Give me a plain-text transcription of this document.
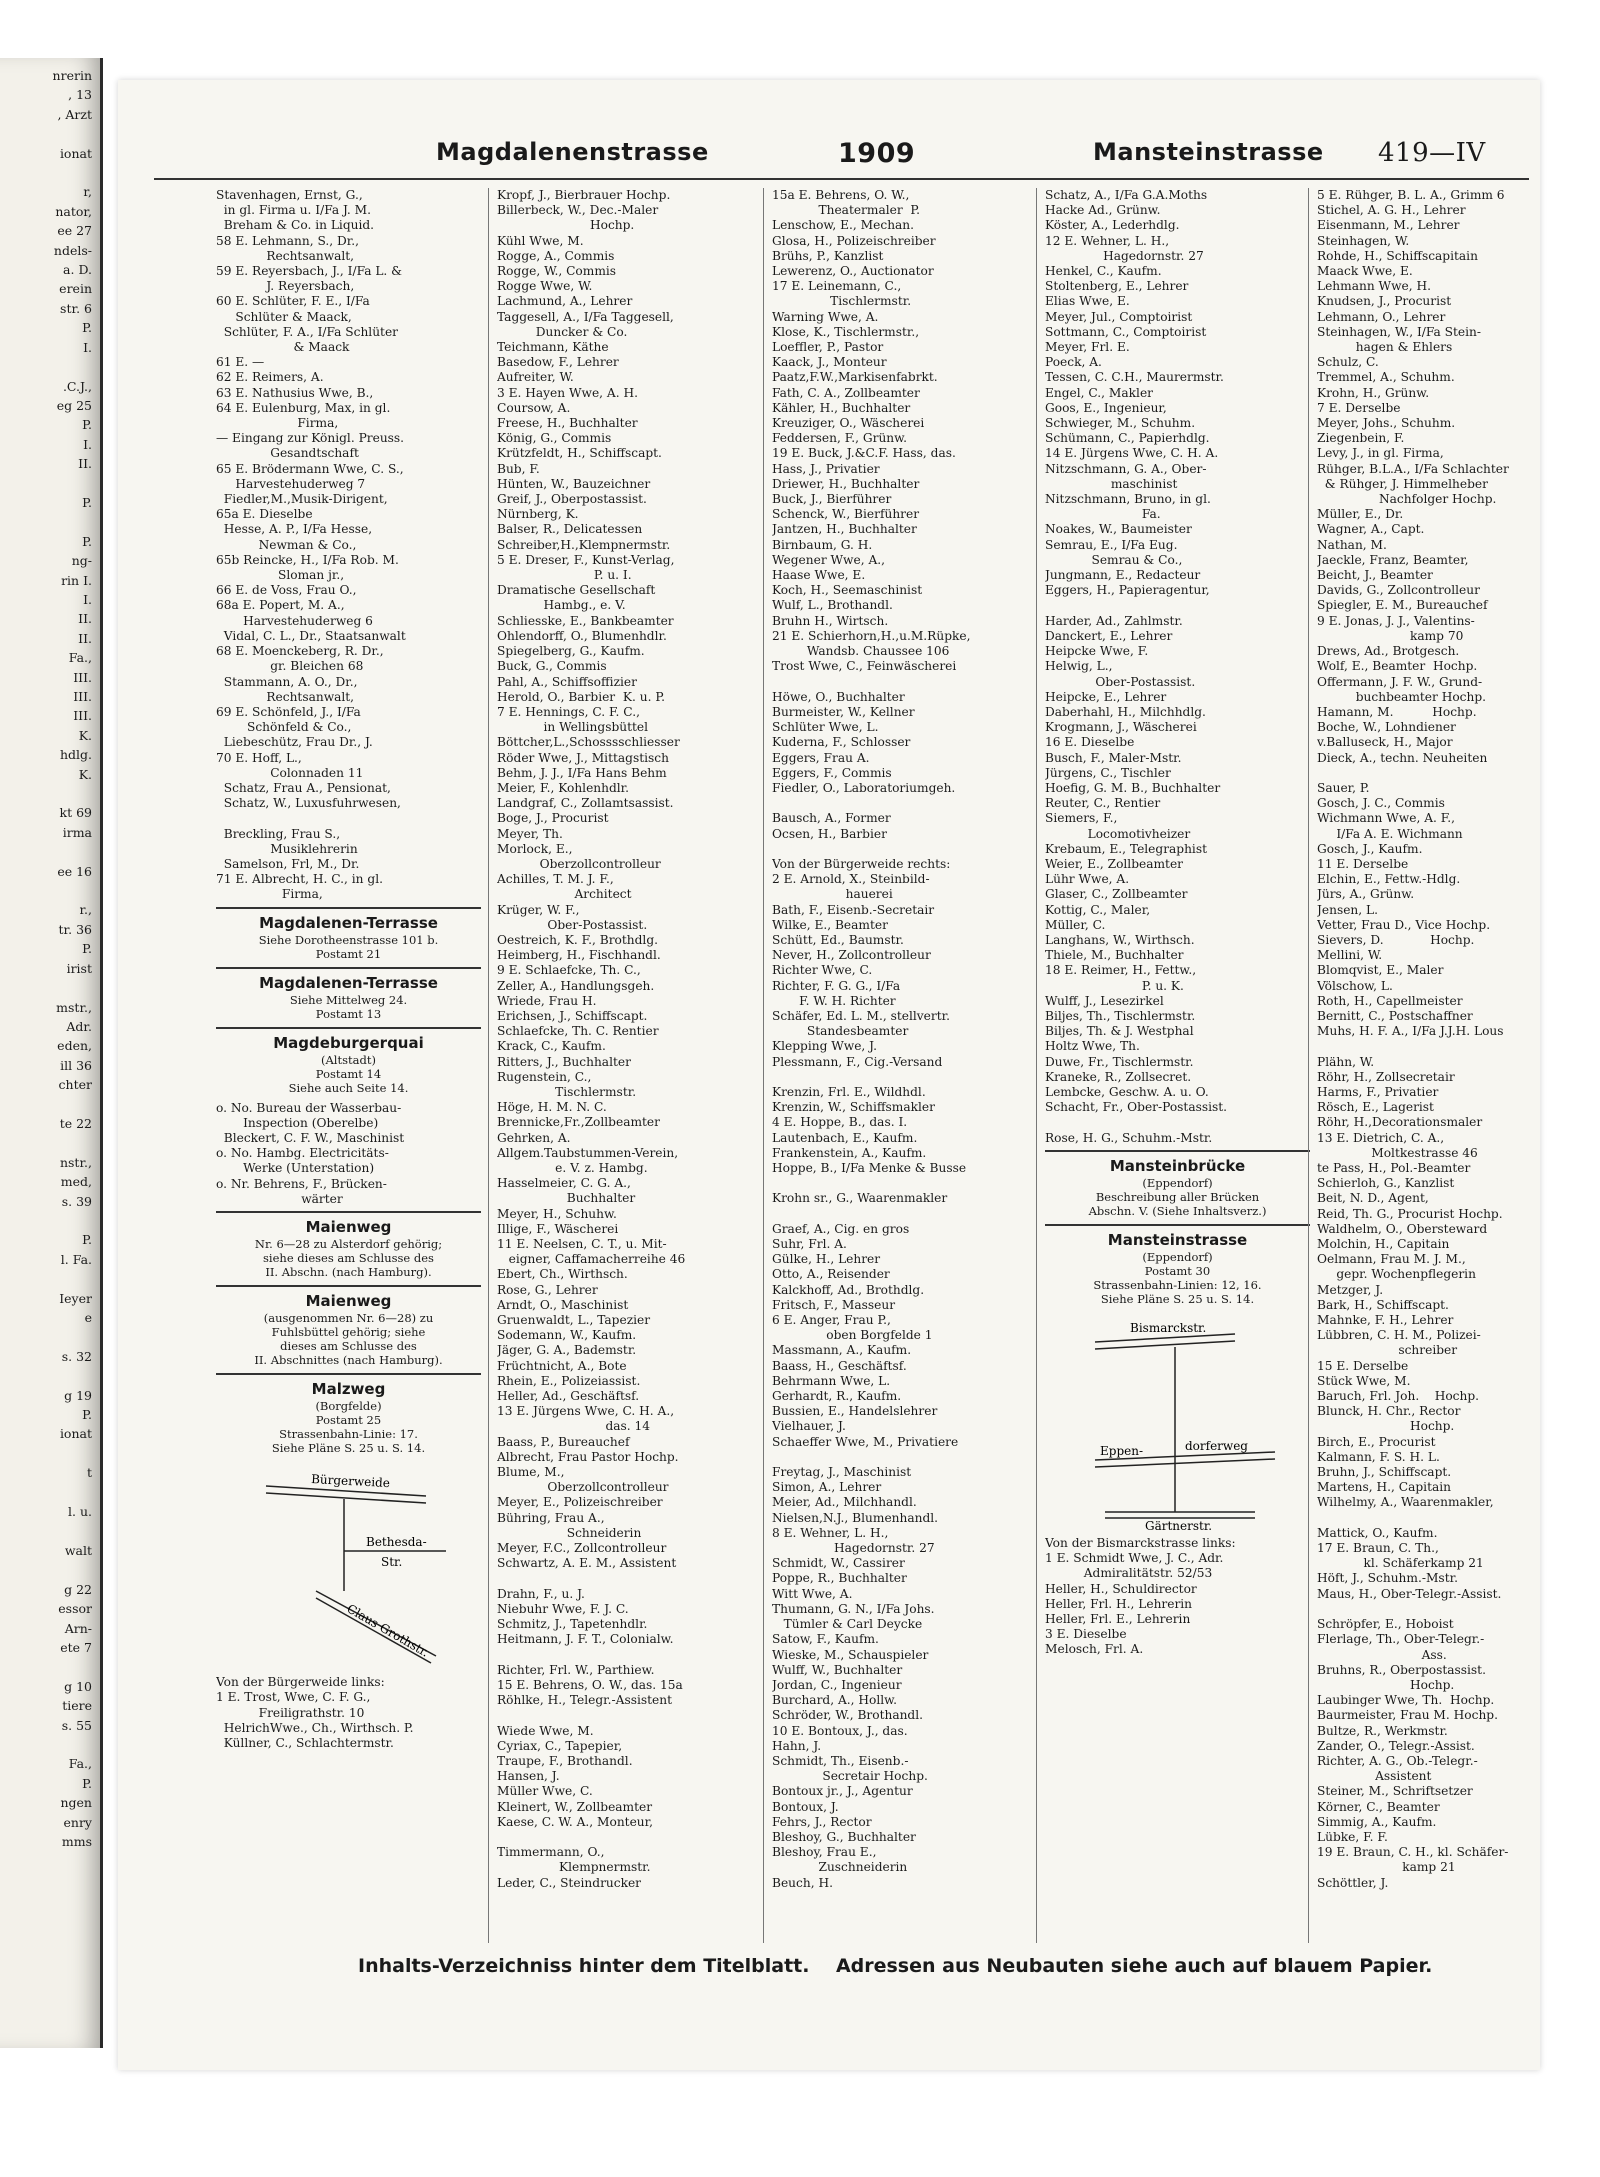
nrerin
, 13
, Arzt

ionat

r,
nator,
ee 27
ndels-
a. D.
erein
str. 6
P.
I.

.C.J.,
eg 25
P.
I.
II.

P.

P.
ng-
rin I.
I.
II.
II.
Fa.,
III.
III.
III.
K.
hdlg.
K.

kt 69
irma

ee 16

r.,
tr. 36
P.
irist

mstr.,
Adr.
eden,
ill 36
chter

te 22

nstr.,
med,
s. 39

P.
l. Fa.

Ieyer
e

s. 32

g 19
P.
ionat

t

l. u.

walt

g 22
essor
Arn-
ete 7

g 10
tiere
s. 55

Fa.,
P.
ngen
enry
mms
Magdalenenstrasse	1909	Mansteinstrasse 419—IV
Stavenhagen, Ernst, G.,
in gl. Firma u. I/Fa J. M.
Breham & Co. in Liquid.
58 E. Lehmann, S., Dr.,
Rechtsanwalt,
59 E. Reyersbach, J., I/Fa L. &
J. Reyersbach,
60 E. Schlüter, F. E., I/Fa
Schlüter & Maack,
Schlüter, F. A., I/Fa Schlüter
& Maack
61 E. —
62 E. Reimers, A.
63 E. Nathusius Wwe, B.,
64 E. Eulenburg, Max, in gl.
Firma,
— Eingang zur Königl. Preuss.
Gesandtschaft
65 E. Brödermann Wwe, C. S.,
Harvestehuderweg 7
Fiedler,M.,Musik-Dirigent,
65a E. Dieselbe
Hesse, A. P., I/Fa Hesse,
Newman & Co.,
65b Reincke, H., I/Fa Rob. M.
Sloman jr.,
66 E. de Voss, Frau O.,
68a E. Popert, M. A.,
Harvestehuderweg 6
Vidal, C. L., Dr., Staatsanwalt
68 E. Moenckeberg, R. Dr.,
gr. Bleichen 68
Stammann, A. O., Dr.,
Rechtsanwalt,
69 E. Schönfeld, J., I/Fa
Schönfeld & Co.,
Liebeschütz, Frau Dr., J.
70 E. Hoff, L.,
Colonnaden 11
Schatz, Frau A., Pensionat,
Schatz, W., Luxusfuhrwesen,

Breckling, Frau S.,
Musiklehrerin
Samelson, Frl, M., Dr.
71 E. Albrecht, H. C., in gl.
Firma,
Magdalenen-Terrasse
Siehe Dorotheenstrasse 101 b.
Postamt 21
Magdalenen-Terrasse
Siehe Mittelweg 24.
Postamt 13
Magdeburgerquai
(Altstadt)
Postamt 14
Siehe auch Seite 14.
o. No. Bureau der Wasserbau-
Inspection (Oberelbe)
Bleckert, C. F. W., Maschinist
o. No. Hambg. Electricitäts-
Werke (Unterstation)
o. Nr. Behrens, F., Brücken-
wärter
Maienweg
Nr. 6—28 zu Alsterdorf gehörig;
siehe dieses am Schlusse des
II. Abschn. (nach Hamburg).
Maienweg
(ausgenommen Nr. 6—28) zu
Fuhlsbüttel gehörig; siehe
dieses am Schlusse des
II. Abschnittes (nach Hamburg).
Malzweg
(Borgfelde)
Postamt 25
Strassenbahn-Linie: 17.
Siehe Pläne S. 25 u. S. 14.
Bürgerweide
Bethesda-
Str.
Claus Grothstr.
Von der Bürgerweide links:
1 E. Trost, Wwe, C. F. G.,
Freiligrathstr. 10
HelrichWwe., Ch., Wirthsch. P.
Küllner, C., Schlachtermstr.
Kropf, J., Bierbrauer Hochp.
Billerbeck, W., Dec.-Maler
Hochp.
Kühl Wwe, M.
Rogge, A., Commis
Rogge, W., Commis
Rogge Wwe, W.
Lachmund, A., Lehrer
Taggesell, A., I/Fa Taggesell,
Duncker & Co.
Teichmann, Käthe
Basedow, F., Lehrer
Aufreiter, W.
3 E. Hayen Wwe, A. H.
Coursow, A.
Freese, H., Buchhalter
König, G., Commis
Krützfeldt, H., Schiffscapt.
Bub, F.
Hünten, W., Bauzeichner
Greif, J., Oberpostassist.
Nürnberg, K.
Balser, R., Delicatessen
Schreiber,H.,Klempnermstr.
5 E. Dreser, F., Kunst-Verlag,
P. u. I.
Dramatische Gesellschaft
Hambg., e. V.
Schliesske, E., Bankbeamter
Ohlendorff, O., Blumenhdlr.
Spiegelberg, G., Kaufm.
Buck, G., Commis
Pahl, A., Schiffsoffizier
Herold, O., Barbier  K. u. P.
7 E. Hennings, C. F. C.,
in Wellingsbüttel
Böttcher,L.,Schosssschliesser
Röder Wwe, J., Mittagstisch
Behm, J. J., I/Fa Hans Behm
Meier, F., Kohlenhdlr.
Landgraf, C., Zollamtsassist.
Boge, J., Procurist
Meyer, Th.
Morlock, E.,
Oberzollcontrolleur
Achilles, T. M. J. F.,
Architect
Krüger, W. F.,
Ober-Postassist.
Oestreich, K. F., Brothdlg.
Heimberg, H., Fischhandl.
9 E. Schlaefcke, Th. C.,
Zeller, A., Handlungsgeh.
Wriede, Frau H.
Erichsen, J., Schiffscapt.
Schlaefcke, Th. C. Rentier
Krack, C., Kaufm.
Ritters, J., Buchhalter
Rugenstein, C.,
Tischlermstr.
Höge, H. M. N. C.
Brennicke,Fr.,Zollbeamter
Gehrken, A.
Allgem.Taubstummen-Verein,
e. V. z. Hambg.
Hasselmeier, C. G. A.,
Buchhalter
Meyer, H., Schuhw.
Illige, F., Wäscherei
11 E. Neelsen, C. T., u. Mit-
eigner, Caffamacherreihe 46
Ebert, Ch., Wirthsch.
Rose, G., Lehrer
Arndt, O., Maschinist
Gruenwaldt, L., Tapezier
Sodemann, W., Kaufm.
Jäger, G. A., Bademstr.
Früchtnicht, A., Bote
Rhein, E., Polizeiassist.
Heller, Ad., Geschäftsf.
13 E. Jürgens Wwe, C. H. A.,
das. 14
Baass, P., Bureauchef
Albrecht, Frau Pastor Hochp.
Blume, M.,
Oberzollcontrolleur
Meyer, E., Polizeischreiber
Bühring, Frau A.,
Schneiderin
Meyer, F.C., Zollcontrolleur
Schwartz, A. E. M., Assistent

Drahn, F., u. J.
Niebuhr Wwe, F. J. C.
Schmitz, J., Tapetenhdlr.
Heitmann, J. F. T., Colonialw.

Richter, Frl. W., Parthiew.
15 E. Behrens, O. W., das. 15a
Röhlke, H., Telegr.-Assistent

Wiede Wwe, M.
Cyriax, C., Tapepier,
Traupe, F., Brothandl.
Hansen, J.
Müller Wwe, C.
Kleinert, W., Zollbeamter
Kaese, C. W. A., Monteur,

Timmermann, O.,
Klempnermstr.
Leder, C., Steindrucker
15a E. Behrens, O. W.,
Theatermaler  P.
Lenschow, E., Mechan.
Glosa, H., Polizeischreiber
Brühs, P., Kanzlist
Lewerenz, O., Auctionator
17 E. Leinemann, C.,
Tischlermstr.
Warning Wwe, A.
Klose, K., Tischlermstr.,
Loeffler, P., Pastor
Kaack, J., Monteur
Paatz,F.W.,Markisenfabrkt.
Fath, C. A., Zollbeamter
Kähler, H., Buchhalter
Kreuziger, O., Wäscherei
Feddersen, F., Grünw.
19 E. Buck, J.&C.F. Hass, das.
Hass, J., Privatier
Driewer, H., Buchhalter
Buck, J., Bierführer
Schenck, W., Bierführer
Jantzen, H., Buchhalter
Birnbaum, G. H.
Wegener Wwe, A.,
Haase Wwe, E.
Koch, H., Seemaschinist
Wulf, L., Brothandl.
Bruhn H., Wirtsch.
21 E. Schierhorn,H.,u.M.Rüpke,
Wandsb. Chaussee 106
Trost Wwe, C., Feinwäscherei

Höwe, O., Buchhalter
Burmeister, W., Kellner
Schlüter Wwe, L.
Kuderna, F., Schlosser
Eggers, Frau A.
Eggers, F., Commis
Fiedler, O., Laboratoriumgeh.

Bausch, A., Former
Ocsen, H., Barbier

Von der Bürgerweide rechts:
2 E. Arnold, X., Steinbild-
hauerei
Bath, F., Eisenb.-Secretair
Wilke, E., Beamter
Schütt, Ed., Baumstr.
Never, H., Zollcontrolleur
Richter Wwe, C.
Richter, F. G. G., I/Fa
F. W. H. Richter
Schäfer, Ed. L. M., stellvertr.
Standesbeamter
Klepping Wwe, J.
Plessmann, F., Cig.-Versand

Krenzin, Frl. E., Wildhdl.
Krenzin, W., Schiffsmakler
4 E. Hoppe, B., das. I.
Lautenbach, E., Kaufm.
Frankenstein, A., Kaufm.
Hoppe, B., I/Fa Menke & Busse

Krohn sr., G., Waarenmakler

Graef, A., Cig. en gros
Suhr, Frl. A.
Gülke, H., Lehrer
Otto, A., Reisender
Kalckhoff, Ad., Brothdlg.
Fritsch, F., Masseur
6 E. Anger, Frau P.,
oben Borgfelde 1
Massmann, A., Kaufm.
Baass, H., Geschäftsf.
Behrmann Wwe, L.
Gerhardt, R., Kaufm.
Bussien, E., Handelslehrer
Vielhauer, J.
Schaeffer Wwe, M., Privatiere

Freytag, J., Maschinist
Simon, A., Lehrer
Meier, Ad., Milchhandl.
Nielsen,N.J., Blumenhandl.
8 E. Wehner, L. H.,
Hagedornstr. 27
Schmidt, W., Cassirer
Poppe, R., Buchhalter
Witt Wwe, A.
Thumann, G. N., I/Fa Johs.
Tümler & Carl Deycke
Satow, F., Kaufm.
Wieske, M., Schauspieler
Wulff, W., Buchhalter
Jordan, C., Ingenieur
Burchard, A., Hollw.
Schröder, W., Brothandl.
10 E. Bontoux, J., das.
Hahn, J.
Schmidt, Th., Eisenb.-
Secretair Hochp.
Bontoux jr., J., Agentur
Bontoux, J.
Fehrs, J., Rector
Bleshoy, G., Buchhalter
Bleshoy, Frau E.,
Zuschneiderin
Beuch, H.
Schatz, A., I/Fa G.A.Moths
Hacke Ad., Grünw.
Köster, A., Lederhdlg.
12 E. Wehner, L. H.,
Hagedornstr. 27
Henkel, C., Kaufm.
Stoltenberg, E., Lehrer
Elias Wwe, E.
Meyer, Jul., Comptoirist
Sottmann, C., Comptoirist
Meyer, Frl. E.
Poeck, A.
Tessen, C. C.H., Maurermstr.
Engel, C., Makler
Goos, E., Ingenieur,
Schwieger, M., Schuhm.
Schümann, C., Papierhdlg.
14 E. Jürgens Wwe, C. H. A.
Nitzschmann, G. A., Ober-
maschinist
Nitzschmann, Bruno, in gl.
Fa.
Noakes, W., Baumeister
Semrau, E., I/Fa Eug.
Semrau & Co.,
Jungmann, E., Redacteur
Eggers, H., Papieragentur,

Harder, Ad., Zahlmstr.
Danckert, E., Lehrer
Heipcke Wwe, F.
Helwig, L.,
Ober-Postassist.
Heipcke, E., Lehrer
Daberhahl, H., Milchhdlg.
Krogmann, J., Wäscherei
16 E. Dieselbe
Busch, F., Maler-Mstr.
Jürgens, C., Tischler
Hoefig, G. M. B., Buchhalter
Reuter, C., Rentier
Siemers, F.,
Locomotivheizer
Krebaum, E., Telegraphist
Weier, E., Zollbeamter
Lühr Wwe, A.
Glaser, C., Zollbeamter
Kottig, C., Maler,
Müller, C.
Langhans, W., Wirthsch.
Thiele, M., Buchhalter
18 E. Reimer, H., Fettw.,
P. u. K.
Wulff, J., Lesezirkel
Biljes, Th., Tischlermstr.
Biljes, Th. & J. Westphal
Holtz Wwe, Th.
Duwe, Fr., Tischlermstr.
Kraneke, R., Zollsecret.
Lembcke, Geschw. A. u. O.
Schacht, Fr., Ober-Postassist.

Rose, H. G., Schuhm.-Mstr.
Mansteinbrücke
(Eppendorf)
Beschreibung aller Brücken
Abschn. V. (Siehe Inhaltsverz.)
Mansteinstrasse
(Eppendorf)
Postamt 30
Strassenbahn-Linien: 12, 16.
Siehe Pläne S. 25 u. S. 14.
Bismarckstr.
Eppen-	dorferweg
Gärtnerstr.
Von der Bismarckstrasse links:
1 E. Schmidt Wwe, J. C., Adr.
Admiralitätstr. 52/53
Heller, H., Schuldirector
Heller, Frl. H., Lehrerin
Heller, Frl. E., Lehrerin
3 E. Dieselbe
Melosch, Frl. A.
5 E. Rühger, B. L. A., Grimm 6
Stichel, A. G. H., Lehrer
Eisenmann, M., Lehrer
Steinhagen, W.
Rohde, H., Schiffscapitain
Maack Wwe, E.
Lehmann Wwe, H.
Knudsen, J., Procurist
Lehmann, O., Lehrer
Steinhagen, W., I/Fa Stein-
hagen & Ehlers
Schulz, C.
Tremmel, A., Schuhm.
Krohn, H., Grünw.
7 E. Derselbe
Meyer, Johs., Schuhm.
Ziegenbein, F.
Levy, J., in gl. Firma,
Rühger, B.L.A., I/Fa Schlachter
& Rühger, J. Himmelheber
Nachfolger Hochp.
Müller, E., Dr.
Wagner, A., Capt.
Nathan, M.
Jaeckle, Franz, Beamter,
Beicht, J., Beamter
Davids, G., Zollcontrolleur
Spiegler, E. M., Bureauchef
9 E. Jonas, J. J., Valentins-
kamp 70
Drews, Ad., Brotgesch.
Wolf, E., Beamter  Hochp.
Offermann, J. F. W., Grund-
buchbeamter Hochp.
Hamann, M.          Hochp.
Boche, W., Lohndiener
v.Balluseck, H., Major
Dieck, A., techn. Neuheiten

Sauer, P.
Gosch, J. C., Commis
Wichmann Wwe, A. F.,
I/Fa A. E. Wichmann
Gosch, J., Kaufm.
11 E. Derselbe
Elchin, E., Fettw.-Hdlg.
Jürs, A., Grünw.
Jensen, L.
Vetter, Frau D., Vice Hochp.
Sievers, D.            Hochp.
Mellini, W.
Blomqvist, E., Maler
Völschow, L.
Roth, H., Capellmeister
Bernitt, C., Postschaffner
Muhs, H. F. A., I/Fa J.J.H. Lous

Plähn, W.
Röhr, H., Zollsecretair
Harms, F., Privatier
Rösch, E., Lagerist
Röhr, H.,Decorationsmaler
13 E. Dietrich, C. A.,
Moltkestrasse 46
te Pass, H., Pol.-Beamter
Schierloh, G., Kanzlist
Beit, N. D., Agent,
Reid, Th. G., Procurist Hochp.
Waldhelm, O., Obersteward
Molchin, H., Capitain
Oelmann, Frau M. J. M.,
gepr. Wochenpflegerin
Metzger, J.
Bark, H., Schiffscapt.
Mahnke, F. H., Lehrer
Lübbren, C. H. M., Polizei-
schreiber
15 E. Derselbe
Stück Wwe, M.
Baruch, Frl. Joh.    Hochp.
Blunck, H. Chr., Rector
Hochp.
Birch, E., Procurist
Kalmann, F. S. H. L.
Bruhn, J., Schiffscapt.
Martens, H., Capitain
Wilhelmy, A., Waarenmakler,

Mattick, O., Kaufm.
17 E. Braun, C. Th.,
kl. Schäferkamp 21
Höft, J., Schuhm.-Mstr.
Maus, H., Ober-Telegr.-Assist.

Schröpfer, E., Hoboist
Flerlage, Th., Ober-Telegr.-
Ass.
Bruhns, R., Oberpostassist.
Hochp.
Laubinger Wwe, Th.  Hochp.
Baurmeister, Frau M. Hochp.
Bultze, R., Werkmstr.
Zander, O., Telegr.-Assist.
Richter, A. G., Ob.-Telegr.-
Assistent
Steiner, M., Schriftsetzer
Körner, C., Beamter
Simmig, A., Kaufm.
Lübke, F. F.
19 E. Braun, C. H., kl. Schäfer-
kamp 21
Schöttler, J.
Inhalts-Verzeichniss hinter dem Titelblatt.    Adressen aus Neubauten siehe auch auf blauem Papier.
